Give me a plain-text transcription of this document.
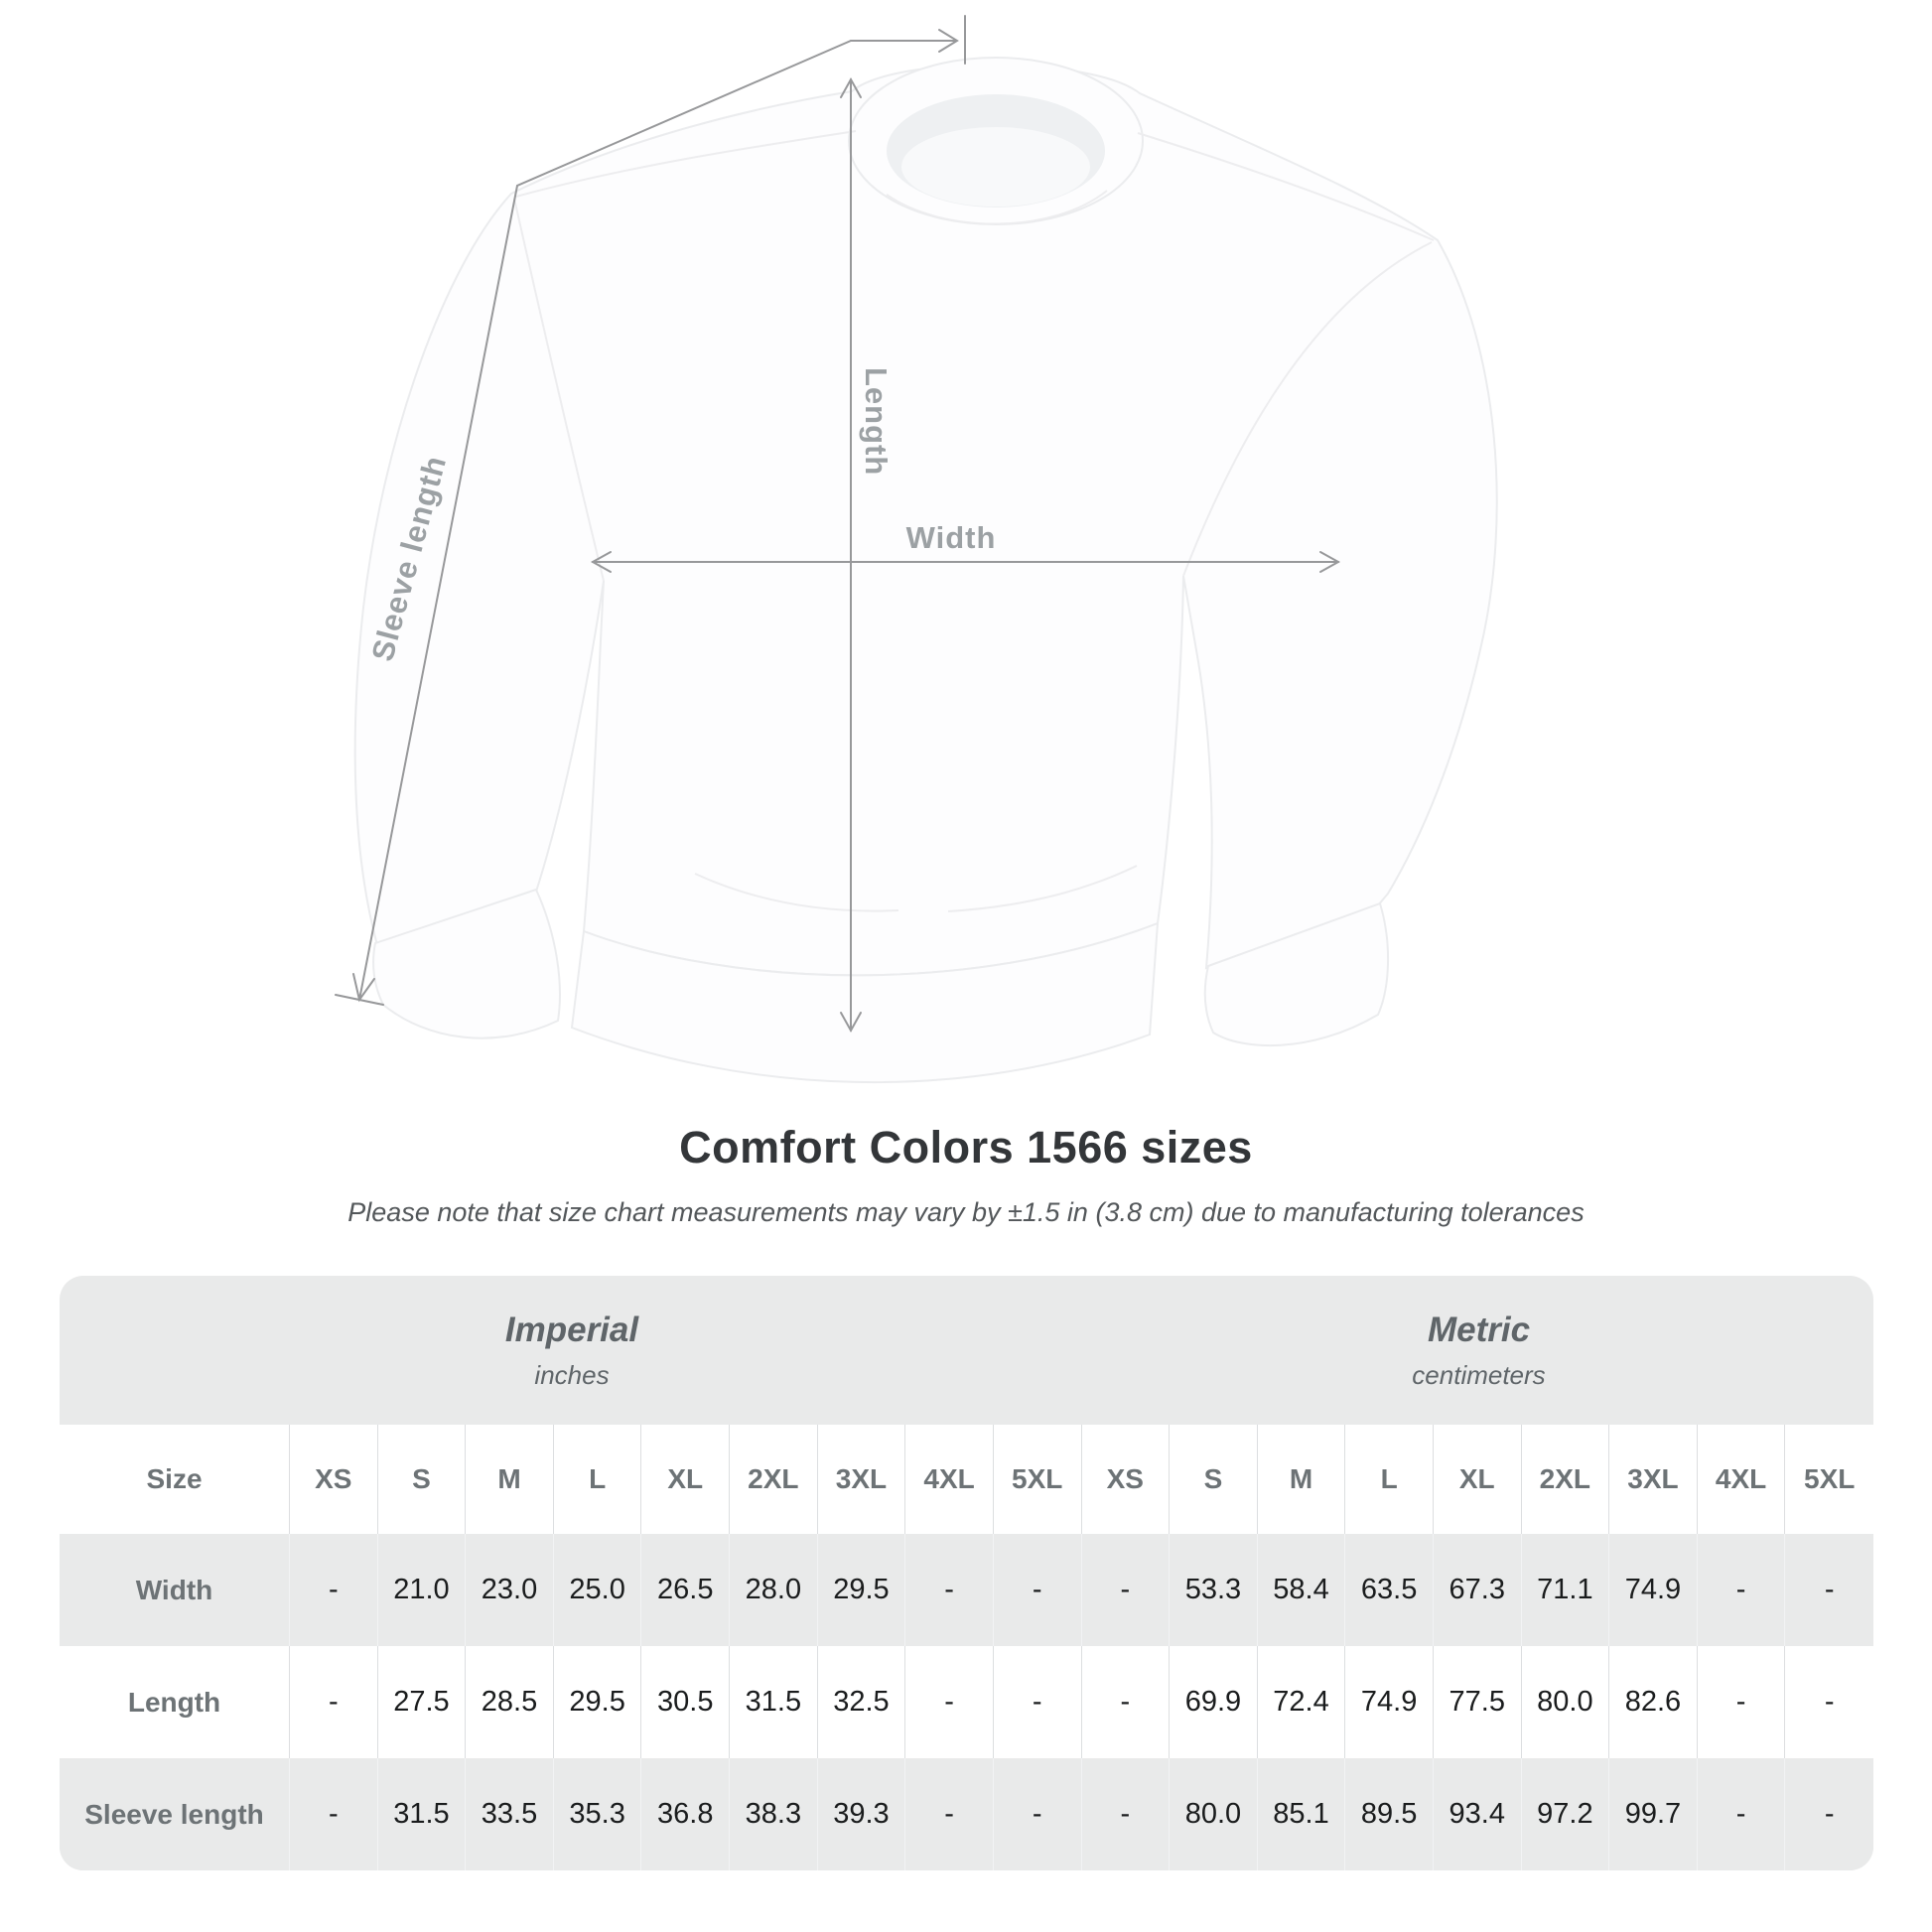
Length
Width
Sleeve length
Comfort Colors 1566 sizes

Please note that size chart measurements may vary by ±1.5 in (3.8 cm) due to manufacturing tolerances

Imperial
inches
Metric
centimeters
Size	XS	S	M	L	XL	2XL	3XL	4XL	5XL	XS	S	M	L	XL	2XL	3XL	4XL	5XL
Width	-	21.0	23.0	25.0	26.5	28.0	29.5	-	-	-	53.3	58.4	63.5	67.3	71.1	74.9	-	-
Length	-	27.5	28.5	29.5	30.5	31.5	32.5	-	-	-	69.9	72.4	74.9	77.5	80.0	82.6	-	-
Sleeve length	-	31.5	33.5	35.3	36.8	38.3	39.3	-	-	-	80.0	85.1	89.5	93.4	97.2	99.7	-	-
